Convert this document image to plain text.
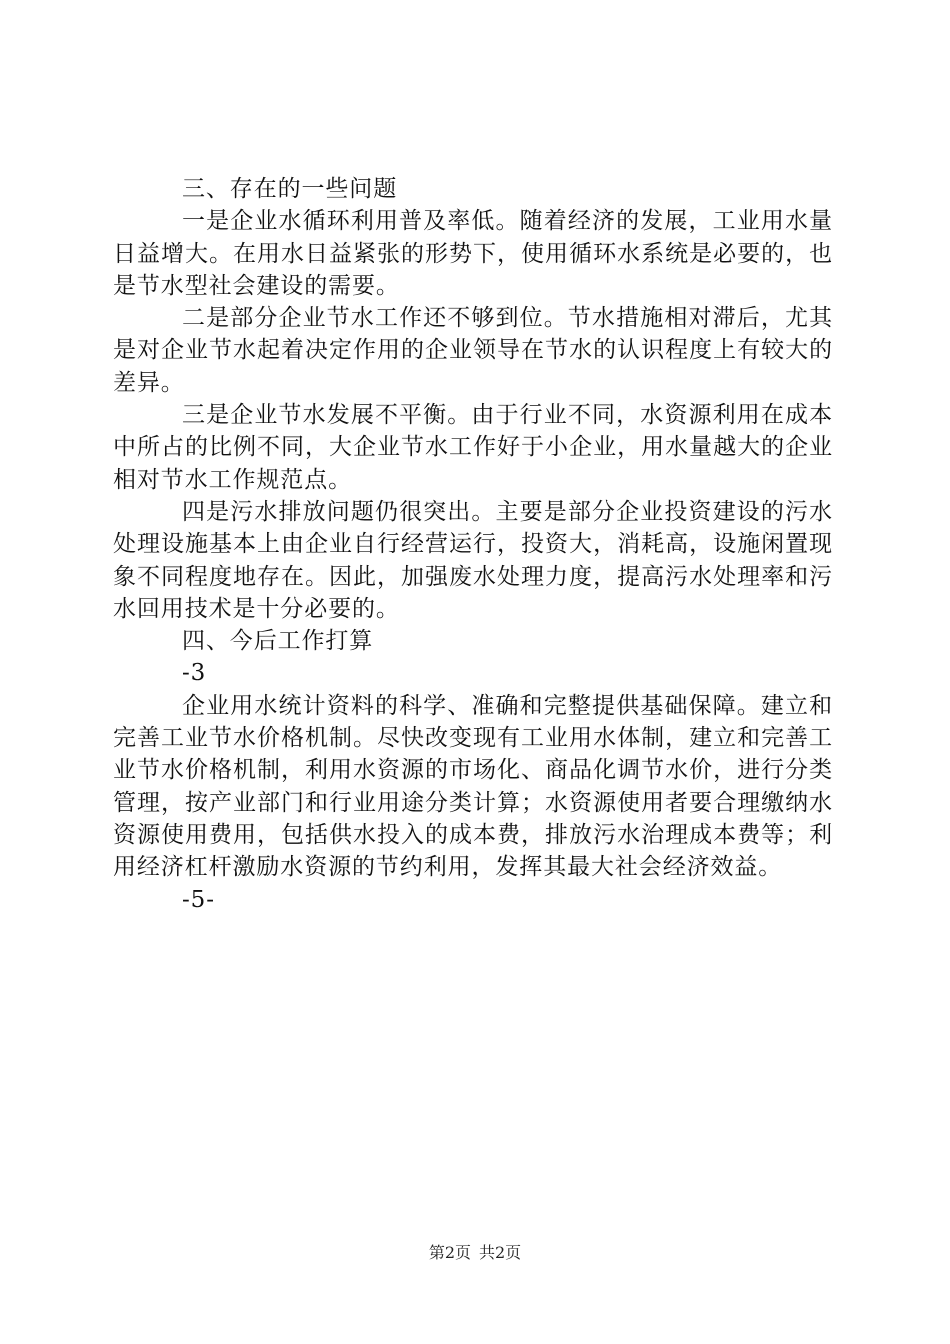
三、存在的一些问题

一是企业水循环利用普及率低。随着经济的发展，工业用水量日益增大。在用水日益紧张的形势下，使用循环水系统是必要的，也是节水型社会建设的需要。

二是部分企业节水工作还不够到位。节水措施相对滞后，尤其是对企业节水起着决定作用的企业领导在节水的认识程度上有较大的差异。

三是企业节水发展不平衡。由于行业不同，水资源利用在成本中所占的比例不同，大企业节水工作好于小企业，用水量越大的企业相对节水工作规范点。

四是污水排放问题仍很突出。主要是部分企业投资建设的污水处理设施基本上由企业自行经营运行，投资大，消耗高，设施闲置现象不同程度地存在。因此，加强废水处理力度，提高污水处理率和污水回用技术是十分必要的。

四、今后工作打算

-3

企业用水统计资料的科学、准确和完整提供基础保障。建立和完善工业节水价格机制。尽快改变现有工业用水体制，建立和完善工业节水价格机制，利用水资源的市场化、商品化调节水价，进行分类管理，按产业部门和行业用途分类计算；水资源使用者要合理缴纳水资源使用费用，包括供水投入的成本费，排放污水治理成本费等；利用经济杠杆激励水资源的节约利用，发挥其最大社会经济效益。

-5-

第2页 共2页
